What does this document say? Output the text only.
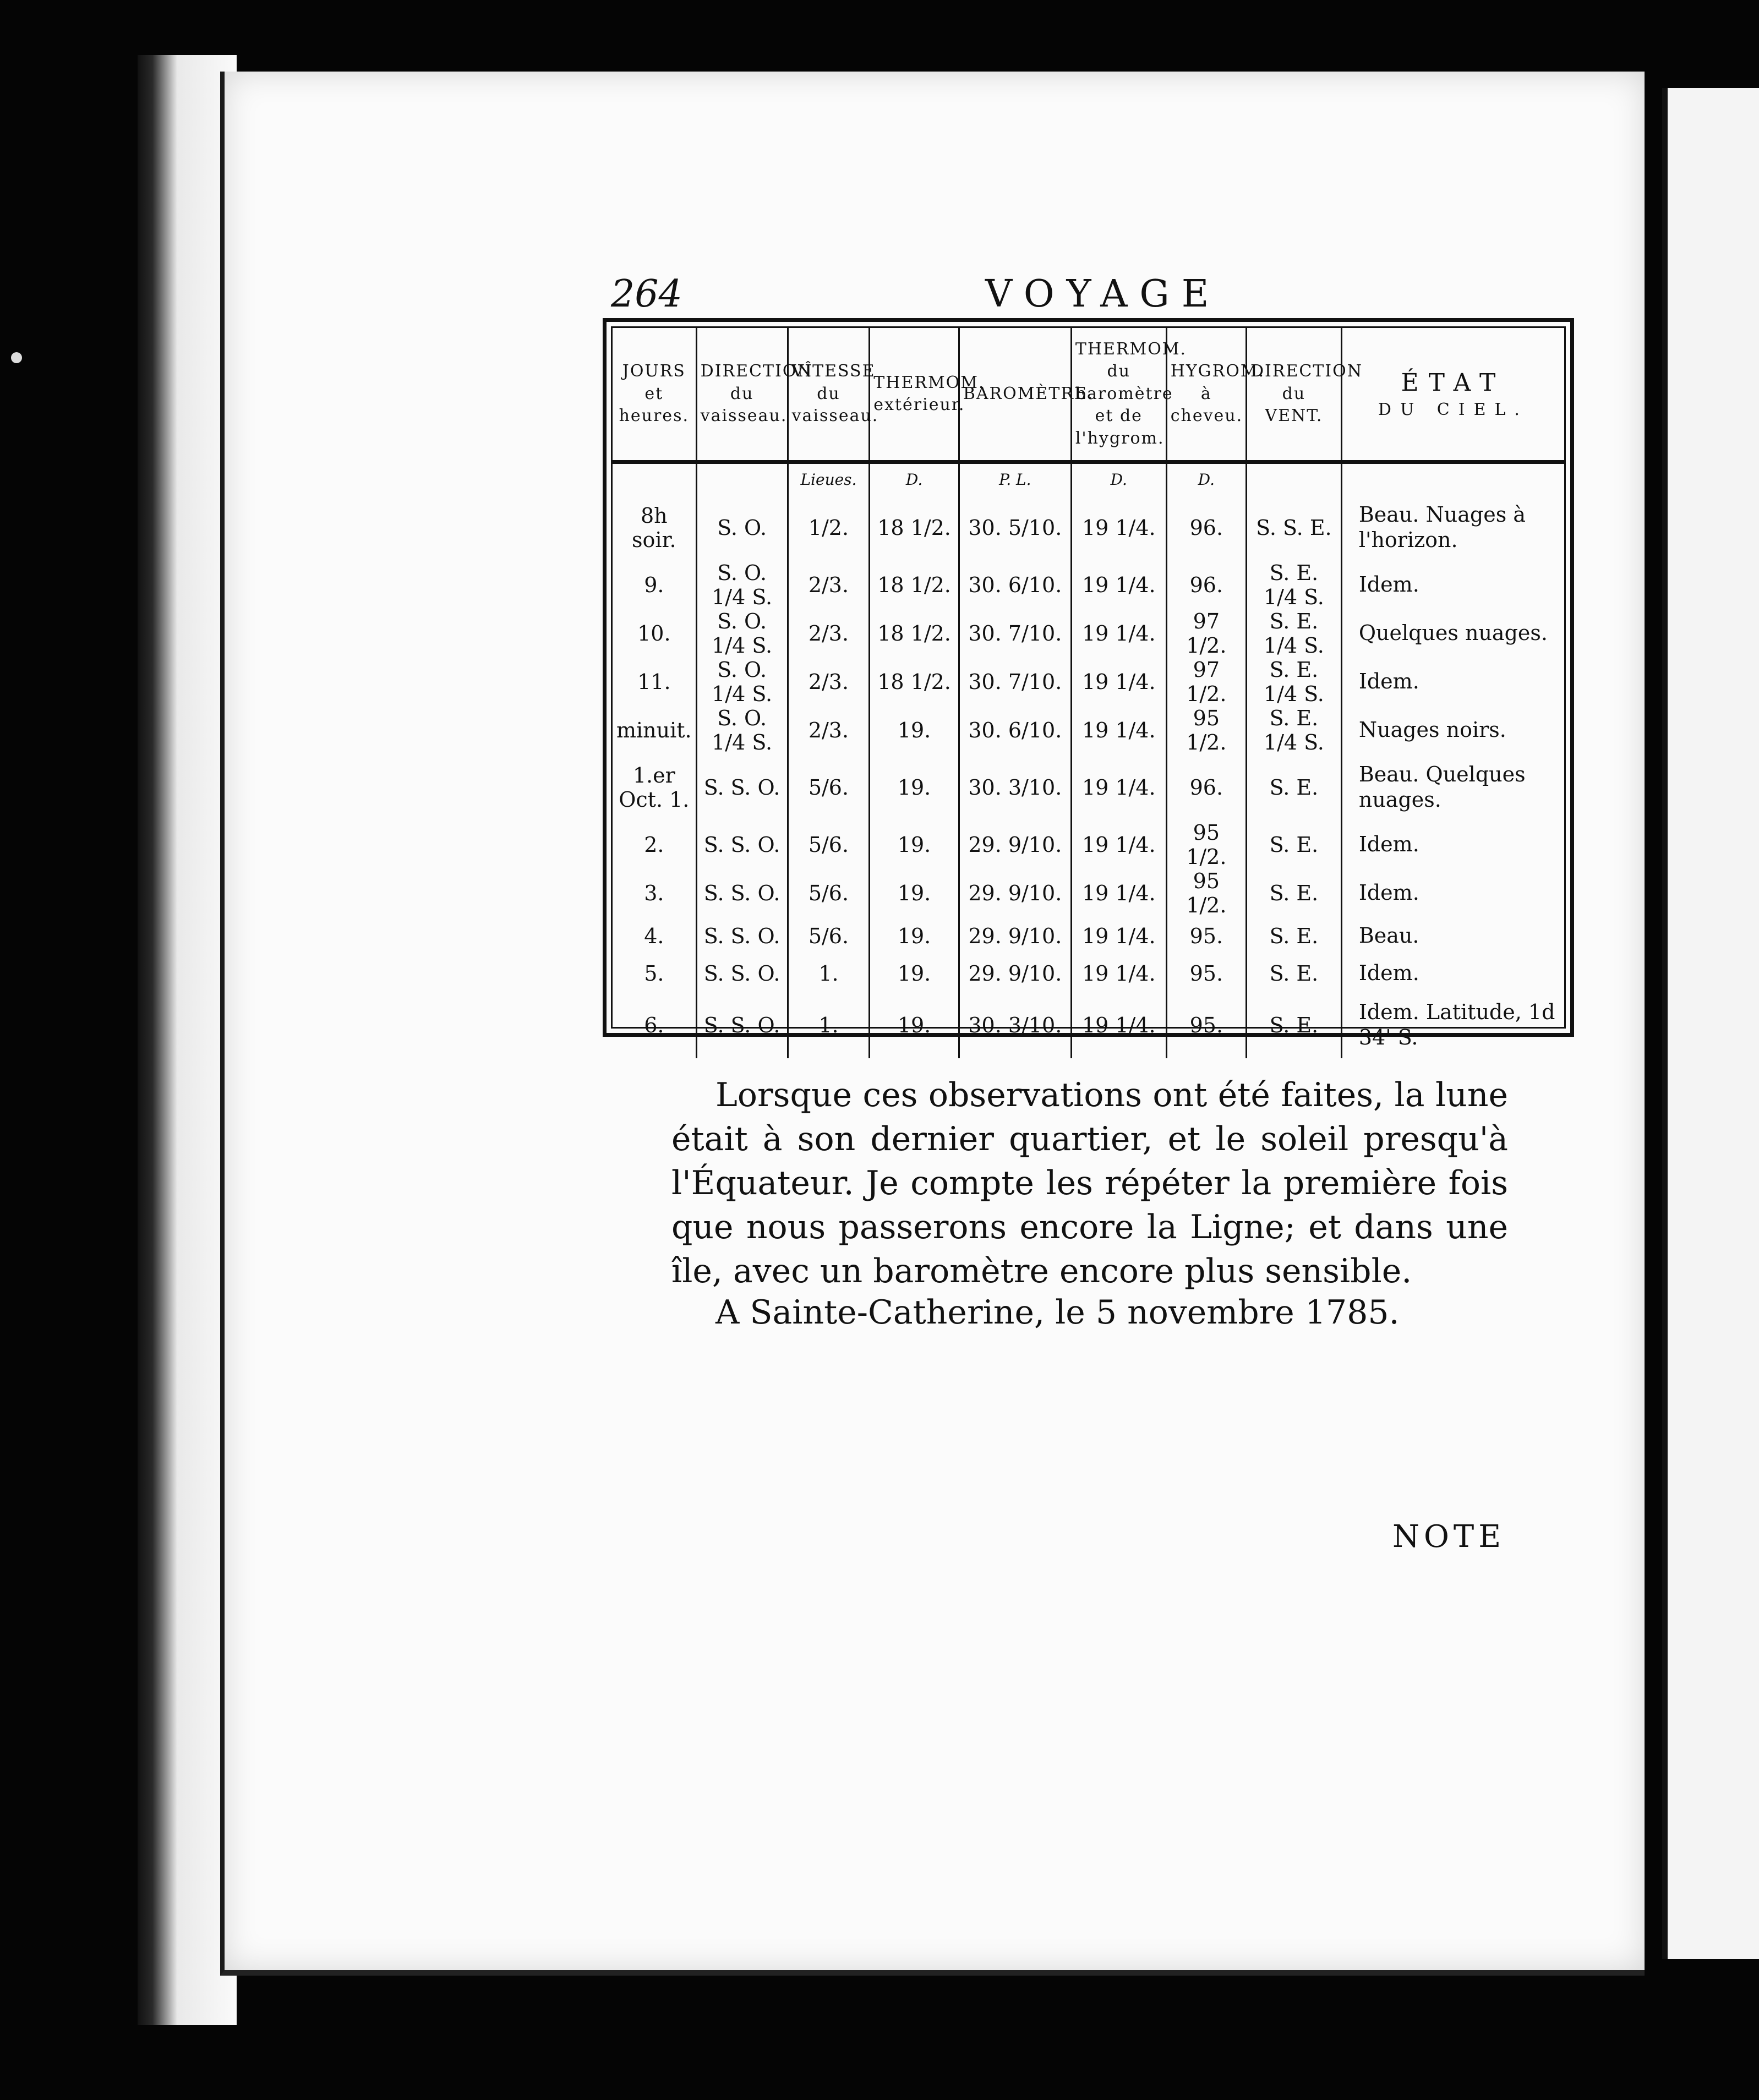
264	VOYAGE
JOURS et heures.	DIRECTION du vaisseau.	VÎTESSE du vaisseau.	THERMOM. extérieur.	BAROMÈTRE.	THERMOM. du baromètre et de l'hygrom.	HYGROM. à cheveu.	DIRECTION du VENT.	ÉTAT
DU CIEL.

		Lieues.	D.	P. L.	D.	D.		
8h soir.	S. O.	1/2.	18 1/2.	30. 5/10.	19 1/4.	96.	S. S. E.	Beau. Nuages à l'horizon.
9.	S. O. 1/4 S.	2/3.	18 1/2.	30. 6/10.	19 1/4.	96.	S. E. 1/4 S.	Idem.
10.	S. O. 1/4 S.	2/3.	18 1/2.	30. 7/10.	19 1/4.	97 1/2.	S. E. 1/4 S.	Quelques nuages.
11.	S. O. 1/4 S.	2/3.	18 1/2.	30. 7/10.	19 1/4.	97 1/2.	S. E. 1/4 S.	Idem.
minuit.	S. O. 1/4 S.	2/3.	19.	30. 6/10.	19 1/4.	95 1/2.	S. E. 1/4 S.	Nuages noirs.
1.er Oct. 1.	S. S. O.	5/6.	19.	30. 3/10.	19 1/4.	96.	S. E.	Beau. Quelques nuages.
2.	S. S. O.	5/6.	19.	29. 9/10.	19 1/4.	95 1/2.	S. E.	Idem.
3.	S. S. O.	5/6.	19.	29. 9/10.	19 1/4.	95 1/2.	S. E.	Idem.
4.	S. S. O.	5/6.	19.	29. 9/10.	19 1/4.	95.	S. E.	Beau.
5.	S. S. O.	1.	19.	29. 9/10.	19 1/4.	95.	S. E.	Idem.
6.	S. S. O.	1.	19.	30. 3/10.	19 1/4.	95.	S. E.	Idem. Latitude, 1d 34' S.

Lorsque ces observations ont été faites, la lune était à son dernier quartier, et le soleil presqu'à l'Équateur. Je compte les répéter la première fois que nous passerons encore la Ligne; et dans une île, avec un baromètre encore plus sensible.

A Sainte-Catherine, le 5 novembre 1785.
NOTE
